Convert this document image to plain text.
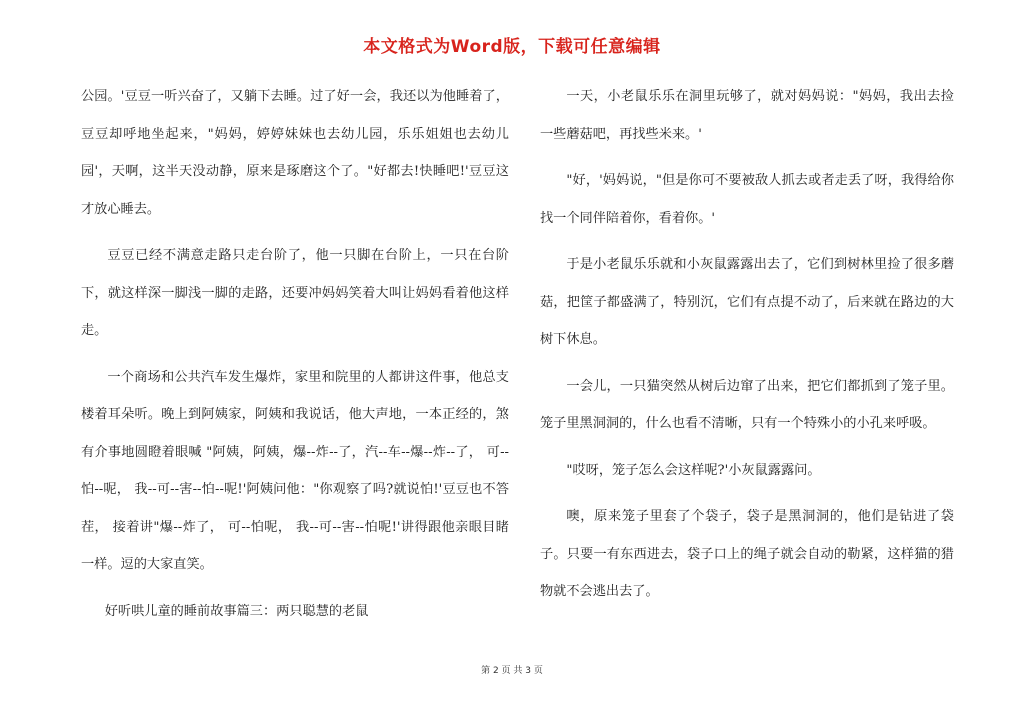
本文格式为Word版，下载可任意编辑

公园。'豆豆一听兴奋了，又躺下去睡。过了好一会，我还以为他睡着了，豆豆却呼地坐起来，"妈妈，婷婷妹妹也去幼儿园，乐乐姐姐也去幼儿园'，天啊，这半天没动静，原来是琢磨这个了。"好都去!快睡吧!'豆豆这才放心睡去。

豆豆已经不满意走路只走台阶了，他一只脚在台阶上，一只在台阶下，就这样深一脚浅一脚的走路，还要冲妈妈笑着大叫让妈妈看着他这样走。

一个商场和公共汽车发生爆炸，家里和院里的人都讲这件事，他总支楼着耳朵听。晚上到阿姨家，阿姨和我说话，他大声地，一本正经的，煞有介事地圆瞪着眼喊 "阿姨，阿姨，爆--炸--了，汽--车--爆--炸--了， 可--怕--呢， 我--可--害--怕--呢!'阿姨问他："你观察了吗?就说怕!'豆豆也不答茬， 接着讲"爆--炸了， 可--怕呢， 我--可--害--怕呢!'讲得跟他亲眼目睹一样。逗的大家直笑。

好听哄儿童的睡前故事篇三：两只聪慧的老鼠

一天，小老鼠乐乐在洞里玩够了，就对妈妈说："妈妈，我出去捡一些蘑菇吧，再找些米来。'

"好，'妈妈说，"但是你可不要被敌人抓去或者走丢了呀，我得给你找一个同伴陪着你，看着你。'

于是小老鼠乐乐就和小灰鼠露露出去了，它们到树林里捡了很多蘑菇，把筐子都盛满了，特别沉，它们有点提不动了，后来就在路边的大树下休息。

一会儿，一只猫突然从树后边窜了出来，把它们都抓到了笼子里。笼子里黑洞洞的，什么也看不清晰，只有一个特殊小的小孔来呼吸。

"哎呀，笼子怎么会这样呢?'小灰鼠露露问。

噢，原来笼子里套了个袋子，袋子是黑洞洞的，他们是钻进了袋子。只要一有东西进去，袋子口上的绳子就会自动的勒紧，这样猫的猎物就不会逃出去了。

第 2 页 共 3 页
